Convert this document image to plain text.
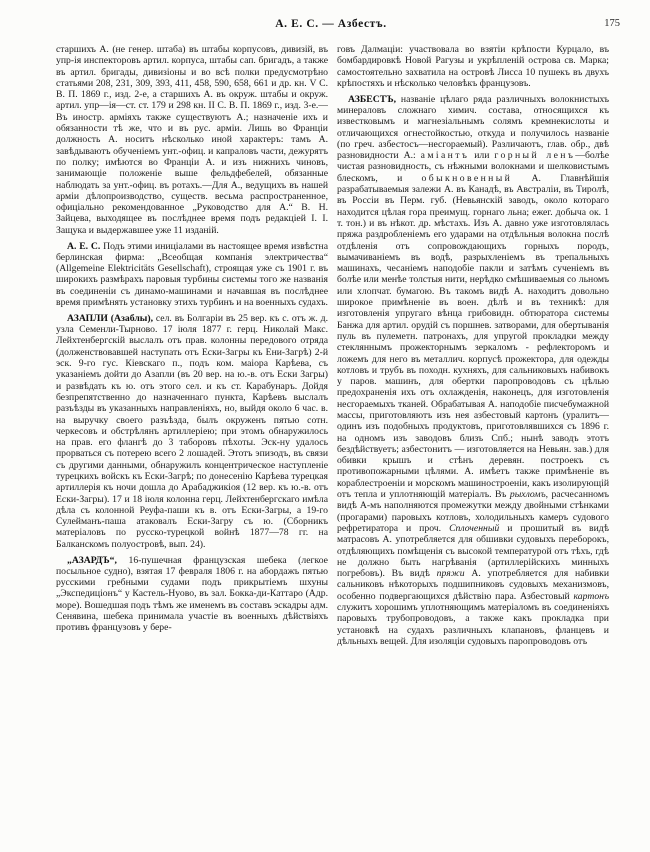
А. Е. С. — Азбестъ.	175

старшихъ А. (не генер. штаба) въ штабы корпусовъ, дивизій, въ упр-ія инспекторовъ артил. корпуса, штабы сап. бригадъ, а также въ артил. бригады, дивизіоны и во всѣ полки предусмотрѣно статьями 208, 231, 309, 393, 411, 458, 590, 658, 661 и др. кн. V С. В. П. 1869 г., изд. 2-е, а старшихъ А. въ окруж. штабы и окруж. артил. упр—ія—ст. ст. 179 и 298 кн. II С. В. П. 1869 г., изд. 3-е.—Въ иностр. арміяхъ также существуютъ А.; назначеніе ихъ и обязанности тѣ же, что и въ рус. арміи. Лишь во Франціи должность А. носитъ нѣсколько иной характеръ: тамъ А. завѣдываютъ обученіемъ унт.-офиц. и капраловъ части, дежурятъ по полку; имѣются во Франціи А. и изъ нижнихъ чиновъ, занимающіе положеніе выше фельдфебелей, обязанные наблюдать за унт.-офиц. въ ротахъ.—Для А., ведущихъ въ нашей арміи дѣлопроизводство, существ. весьма распространенное, офиціально рекомендованное „Руководство для А.“ В. Н. Зайцева, выходящее въ послѣднее время подъ редакціей І. І. Защука и выдержавшее уже 11 изданій.

А. Е. С. Подъ этими иниціалами въ настоящее время извѣстна берлинская фирма: „Всеобщая компанія электричества“ (Allgemeine Elektricitäts Gesellschaft), строящая уже съ 1901 г. въ широкихъ размѣрахъ паровыя турбины системы того же названія въ соединеніи съ динамо-машинами и начавшая въ послѣднее время примѣнять установку этихъ турбинъ и на военныхъ судахъ.

АЗАПЛИ (Азаблы), сел. въ Болгаріи въ 25 вер. къ с. отъ ж. д. узла Семенли-Тырново. 17 іюля 1877 г. герц. Николай Макс. Лейхтенбергскій выслалъ отъ прав. колонны передового отряда (долженствовавшей наступать отъ Ески-Загры къ Ени-Загрѣ) 2-й эск. 9-го гус. Кіевскаго п., подъ ком. маіора Карѣева, съ указаніемъ дойти до Азапли (въ 20 вер. на ю.-в. отъ Ески Загры) и развѣдать къ ю. отъ этого сел. и къ ст. Карабунаръ. Дойдя безпрепятственно до назначеннаго пункта, Карѣевъ выслалъ разъѣзды въ указанныхъ направленіяхъ, но, выйдя около 6 час. в. на выручку своего разъѣзда, былъ окруженъ пятью сотн. черкесовъ и обстрѣлянъ артиллеріею; при этомъ обнаружилось на прав. его флангѣ до 3 таборовъ пѣхоты. Эск-ну удалось прорваться съ потерею всего 2 лошадей. Этотъ эпизодъ, въ связи съ другими данными, обнаружилъ концентрическое наступленіе турецкихъ войскъ къ Ески-Загрѣ; по донесенію Карѣева турецкая артиллерія къ ночи дошла до Арабаджикіоя (12 вер. къ ю.-в. отъ Ески-Загры). 17 и 18 іюля колонна герц. Лейхтенбергскаго имѣла дѣла съ колонной Реуфа-паши къ в. отъ Ески-Загры, а 19-го Сулейманъ-паша атаковалъ Ески-Загру съ ю. (Сборникъ матеріаловъ по русско-турецкой войнѣ 1877—78 гг. на Балканскомъ полуостровѣ, вып. 24).

„АЗАРДЪ“, 16-пушечная французская шебека (легкое посыльное судно), взятая 17 февраля 1806 г. на абордажъ пятью русскими гребными судами подъ прикрытіемъ шхуны „Экспедиціонъ“ у Кастель-Нуово, въ зал. Бокка-ди-Каттаро (Адр. море). Вошедшая подъ тѣмъ же именемъ въ составъ эскадры адм. Сенявина, шебека принимала участіе въ военныхъ дѣйствіяхъ противъ французовъ у бере-

говъ Далмаціи: участвовала во взятіи крѣпости Курцало, въ бомбардировкѣ Новой Рагузы и укрѣпленій острова св. Марка; самостоятельно захватила на островѣ Лисса 10 пушекъ въ двухъ крѣпостяхъ и нѣсколько человѣкъ французовъ.

АЗБЕСТЪ, названіе цѣлаго ряда различныхъ волокнистыхъ минераловъ сложнаго химич. состава, относящихся къ известковымъ и магнезіальнымъ солямъ кремнекислоты и отличающихся огнестойкостью, откуда и получилось названіе (по греч. азбестосъ—несгораемый). Различаютъ, глав. обр., двѣ разновидности А.: аміантъ или горный ленъ—болѣе чистая разновидность, съ нѣжными волокнами и шелковистымъ блескомъ, и обыкновенный А. Главнѣйшія разрабатываемыя залежи А. въ Канадѣ, въ Австраліи, въ Тиролѣ, въ Россіи въ Перм. губ. (Невьянскій заводъ, около котораго находится цѣлая гора преимущ. горнаго льна; ежег. добыча ок. 1 т. тон.) и въ нѣкот. др. мѣстахъ. Изъ А. давно уже изготовлялась пряжа раздробленіемъ его ударами на отдѣльныя волокна послѣ отдѣленія отъ сопровождающихъ горныхъ породъ, вымачиваніемъ въ водѣ, разрыхленіемъ въ трепальныхъ машинахъ, чесаніемъ наподобіе пакли и затѣмъ сученіемъ въ болѣе или менѣе толстыя нити, нерѣдко смѣшиваемыя со льномъ или хлопчат. бумагою. Въ такомъ видѣ А. находитъ довольно широкое примѣненіе въ воен. дѣлѣ и въ техникѣ: для изготовленія упругаго вѣнца грибовидн. обтюратора системы Банжа для артил. орудій съ поршнев. затворами, для обертыванія пуль въ пулеметн. патронахъ, для упругой прокладки между стекляннымъ прожекторнымъ зеркаломъ - рефлекторомъ и ложемъ для него въ металлич. корпусѣ прожектора, для одежды котловъ и трубъ въ походн. кухняхъ, для сальниковыхъ набивокъ у паров. машинъ, для обертки паропроводовъ съ цѣлью предохраненія ихъ отъ охлажденія, наконецъ, для изготовленія несгораемыхъ тканей. Обрабатывая А. наподобіе писчебумажной массы, приготовляютъ изъ нея азбестовый картонъ (уралитъ—одинъ изъ подобныхъ продуктовъ, приготовлявшихся съ 1896 г. на одномъ изъ заводовъ близъ Спб.; нынѣ заводъ этотъ бездѣйствуетъ; азбестонитъ — изготовляется на Невьян. зав.) для обивки крышъ и стѣнъ деревян. построекъ съ противопожарными цѣлями. А. имѣетъ также примѣненіе въ кораблестроеніи и морскомъ машиностроеніи, какъ изолирующій отъ тепла и уплотняющій матеріалъ. Въ рыхломъ, расчесанномъ видѣ А-мъ наполняются промежутки между двойными стѣнками (прогарами) паровыхъ котловъ, холодильныхъ камеръ судового рефретиратора и проч. Сплоченный и прошитый въ видѣ матрасовъ А. употребляется для обшивки судовыхъ переборокъ, отдѣляющихъ помѣщенія съ высокой температурой отъ тѣхъ, гдѣ не должно быть нагрѣванія (артиллерійскихъ минныхъ погребовъ). Въ видѣ пряжи А. употребляется для набивки сальниковъ нѣкоторыхъ подшипниковъ судовыхъ механизмовъ, особенно подвергающихся дѣйствію пара. Азбестовый картонъ служитъ хорошимъ уплотняющимъ матеріаломъ въ соединеніяхъ паровыхъ трубопроводовъ, а также какъ прокладка при установкѣ на судахъ различныхъ клапановъ, фланцевъ и дѣльныхъ вещей. Для изоляціи судовыхъ паропроводовъ отъ
